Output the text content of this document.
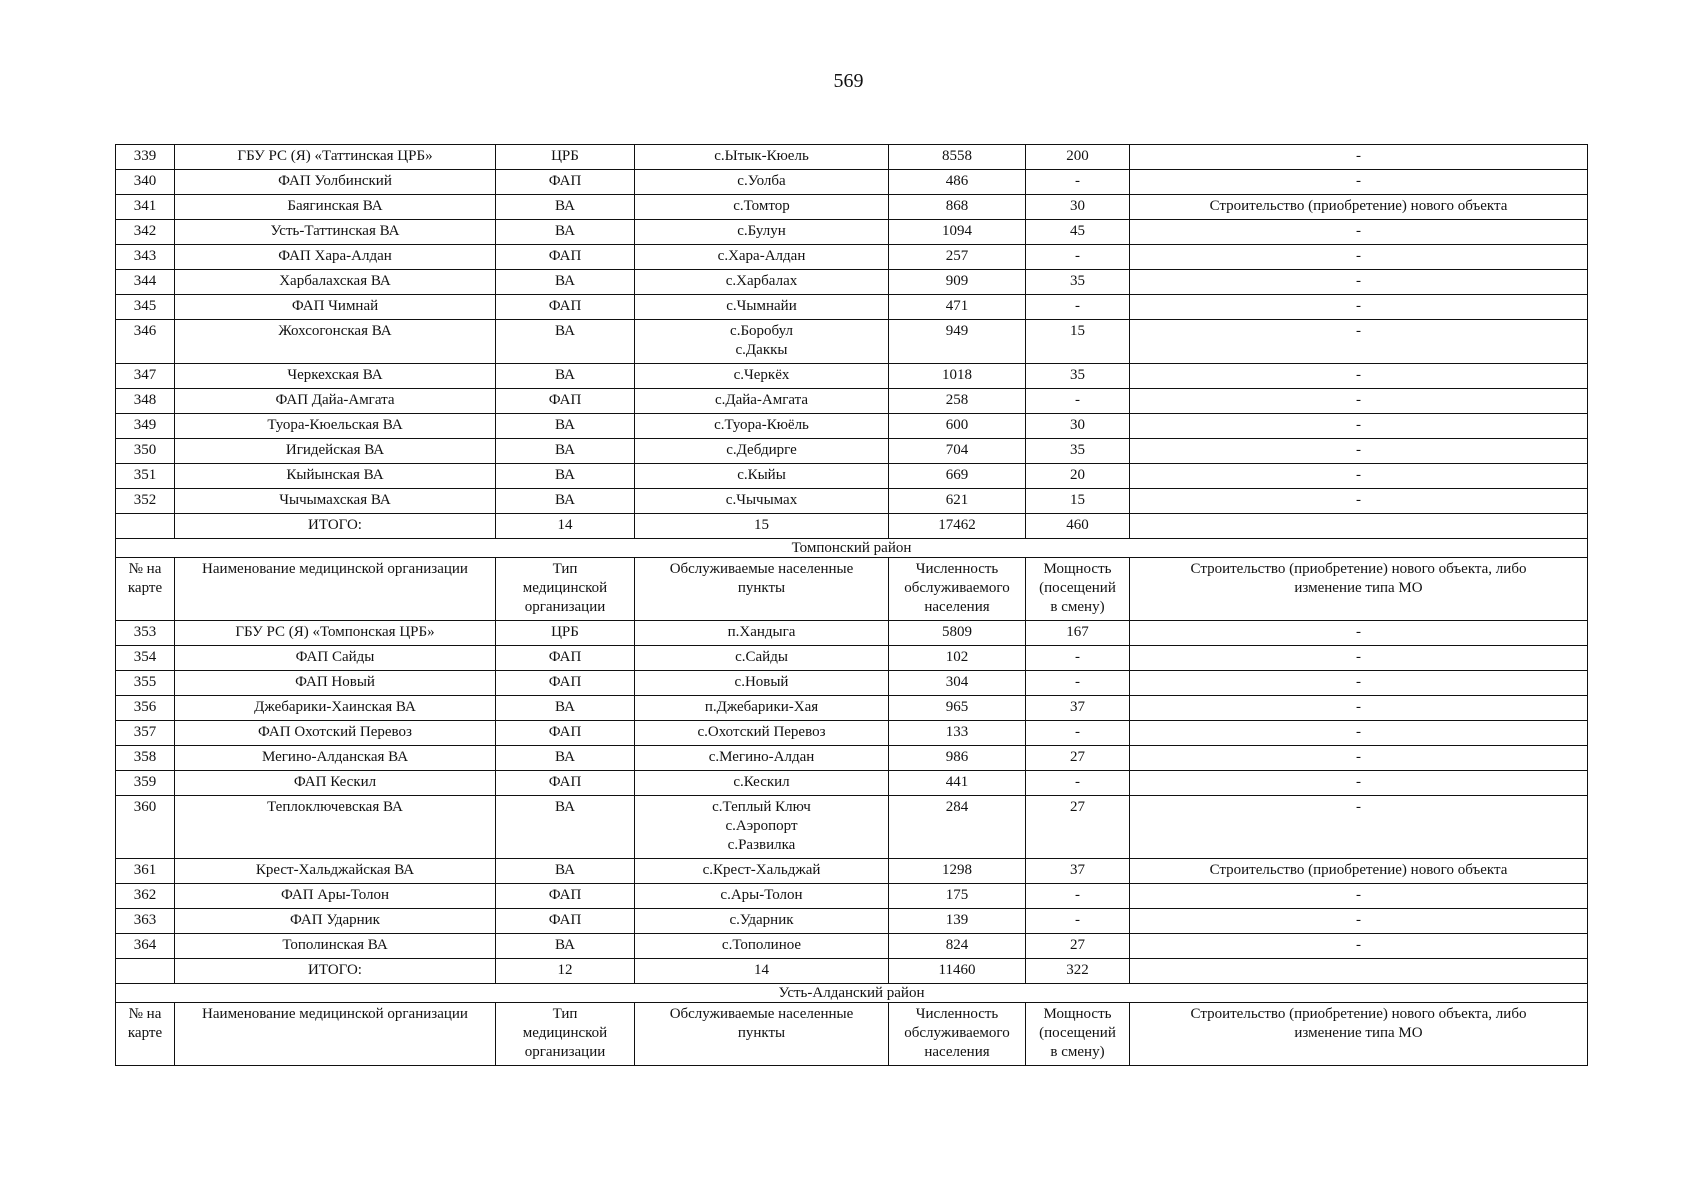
569
339	ГБУ РС (Я) «Таттинская ЦРБ»	ЦРБ	с.Ытык-Кюель	8558	200	-
340	ФАП Уолбинский	ФАП	с.Уолба	486	-	-
341	Баягинская ВА	ВА	с.Томтор	868	30	Строительство (приобретение) нового объекта
342	Усть-Таттинская ВА	ВА	с.Булун	1094	45	-
343	ФАП Хара-Алдан	ФАП	с.Хара-Алдан	257	-	-
344	Харбалахская ВА	ВА	с.Харбалах	909	35	-
345	ФАП Чимнай	ФАП	с.Чымнайи	471	-	-
346	Жохсогонская ВА	ВА	с.Боробул
с.Даккы	949	15	-
347	Черкехская ВА	ВА	с.Черкёх	1018	35	-
348	ФАП Дайа-Амгата	ФАП	с.Дайа-Амгата	258	-	-
349	Туора-Кюельская ВА	ВА	с.Туора-Кюёль	600	30	-
350	Игидейская ВА	ВА	с.Дебдирге	704	35	-
351	Кыйынская ВА	ВА	с.Кыйы	669	20	-
352	Чычымахская ВА	ВА	с.Чычымах	621	15	-
	ИТОГО:	14	15	17462	460	
Томпонский район						

№ на
карте	Наименование медицинской организации	Тип
медицинской
организации	Обслуживаемые населенные
пункты	Численность
обслуживаемого
населения	Мощность
(посещений
в смену)	Строительство (приобретение) нового объекта, либо
изменение типа МО

353	ГБУ РС (Я) «Томпонская ЦРБ»	ЦРБ	п.Хандыга	5809	167	-
354	ФАП Сайды	ФАП	с.Сайды	102	-	-
355	ФАП Новый	ФАП	с.Новый	304	-	-
356	Джебарики-Хаинская ВА	ВА	п.Джебарики-Хая	965	37	-
357	ФАП Охотский Перевоз	ФАП	с.Охотский Перевоз	133	-	-
358	Мегино-Алданская ВА	ВА	с.Мегино-Алдан	986	27	-
359	ФАП Кескил	ФАП	с.Кескил	441	-	-
360	Теплоключевская ВА	ВА	с.Теплый Ключ
с.Аэропорт
с.Развилка	284	27	-
361	Крест-Хальджайская ВА	ВА	с.Крест-Хальджай	1298	37	Строительство (приобретение) нового объекта
362	ФАП Ары-Толон	ФАП	с.Ары-Толон	175	-	-
363	ФАП Ударник	ФАП	с.Ударник	139	-	-
364	Тополинская ВА	ВА	с.Тополиное	824	27	-
	ИТОГО:	12	14	11460	322	
Усть-Алданский район						

№ на
карте	Наименование медицинской организации	Тип
медицинской
организации	Обслуживаемые населенные
пункты	Численность
обслуживаемого
населения	Мощность
(посещений
в смену)	Строительство (приобретение) нового объекта, либо
изменение типа МО
